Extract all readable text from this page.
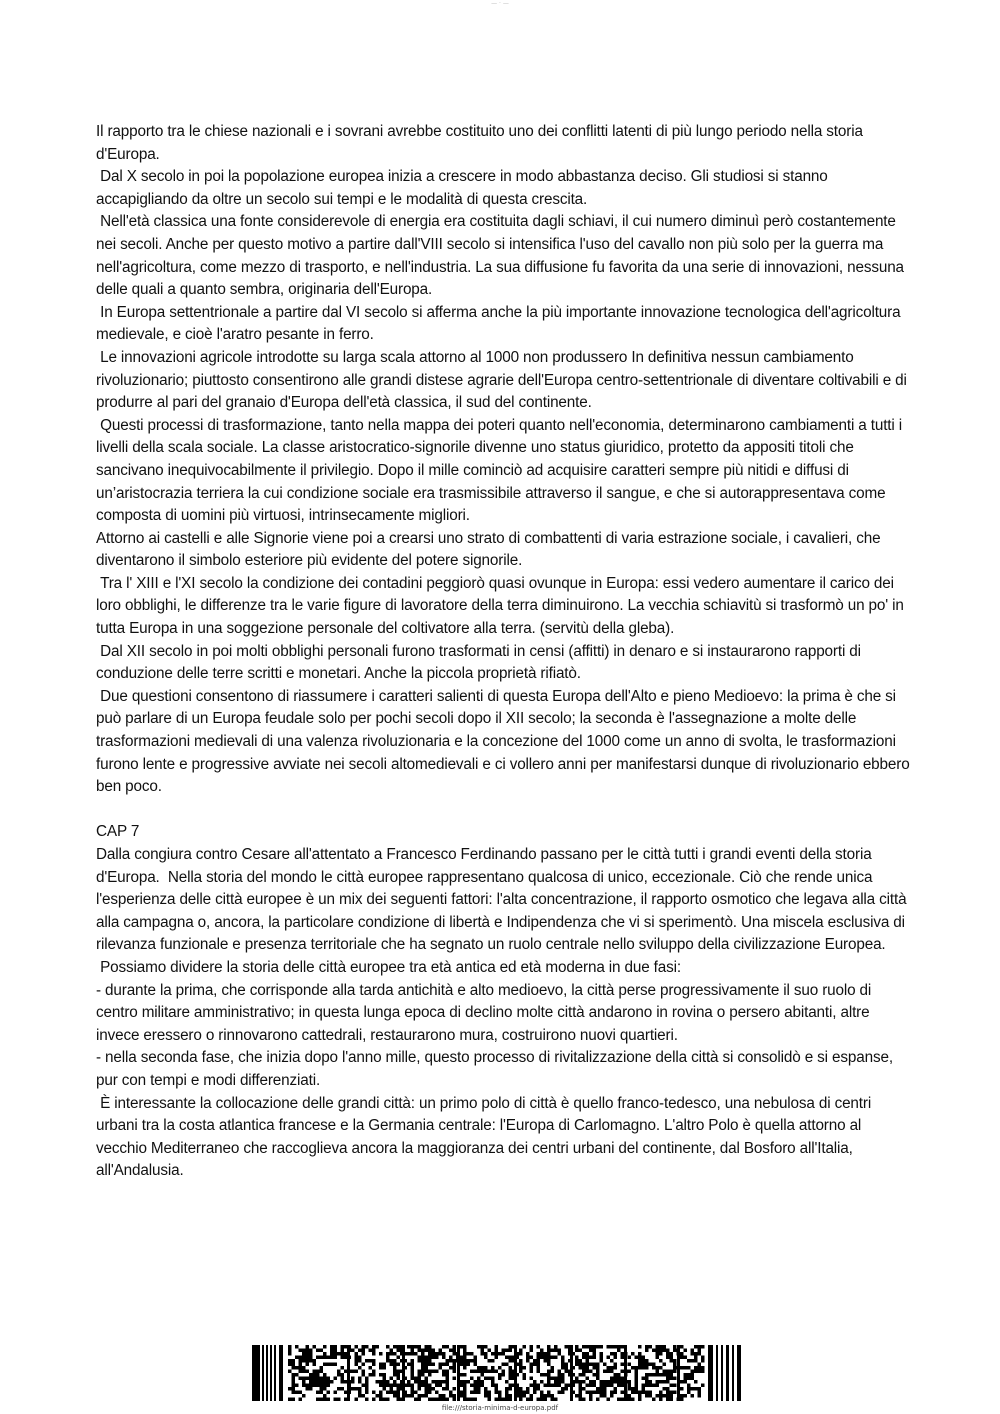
— · —

Il rapporto tra le chiese nazionali e i sovrani avrebbe costituito uno dei conflitti latenti di più lungo periodo nella storia d'Europa.

Dal X secolo in poi la popolazione europea inizia a crescere in modo abbastanza deciso. Gli studiosi si stanno accapigliando da oltre un secolo sui tempi e le modalità di questa crescita.

Nell'età classica una fonte considerevole di energia era costituita dagli schiavi, il cui numero diminuì però costantemente nei secoli. Anche per questo motivo a partire dall'VIII secolo si intensifica l'uso del cavallo non più solo per la guerra ma nell'agricoltura, come mezzo di trasporto, e nell'industria. La sua diffusione fu favorita da una serie di innovazioni, nessuna delle quali a quanto sembra, originaria dell'Europa.

In Europa settentrionale a partire dal VI secolo si afferma anche la più importante innovazione tecnologica dell'agricoltura medievale, e cioè l'aratro pesante in ferro.

Le innovazioni agricole introdotte su larga scala attorno al 1000 non produssero In definitiva nessun cambiamento rivoluzionario; piuttosto consentirono alle grandi distese agrarie dell'Europa centro-settentrionale di diventare coltivabili e di produrre al pari del granaio d'Europa dell'età classica, il sud del continente.

Questi processi di trasformazione, tanto nella mappa dei poteri quanto nell'economia, determinarono cambiamenti a tutti i livelli della scala sociale. La classe aristocratico-signorile divenne uno status giuridico, protetto da appositi titoli che sancivano inequivocabilmente il privilegio. Dopo il mille cominciò ad acquisire caratteri sempre più nitidi e diffusi di un’aristocrazia terriera la cui condizione sociale era trasmissibile attraverso il sangue, e che si autorappresentava come composta di uomini più virtuosi, intrinsecamente migliori.

Attorno ai castelli e alle Signorie viene poi a crearsi uno strato di combattenti di varia estrazione sociale, i cavalieri, che diventarono il simbolo esteriore più evidente del potere signorile.

Tra l' XIII e l'XI secolo la condizione dei contadini peggiorò quasi ovunque in Europa: essi vedero aumentare il carico dei loro obblighi, le differenze tra le varie figure di lavoratore della terra diminuirono. La vecchia schiavitù si trasformò un po' in tutta Europa in una soggezione personale del coltivatore alla terra. (servitù della gleba).

Dal XII secolo in poi molti obblighi personali furono trasformati in censi (affitti) in denaro e si instaurarono rapporti di conduzione delle terre scritti e monetari. Anche la piccola proprietà rifiatò.

Due questioni consentono di riassumere i caratteri salienti di questa Europa dell'Alto e pieno Medioevo: la prima è che si può parlare di un Europa feudale solo per pochi secoli dopo il XII secolo; la seconda è l'assegnazione a molte delle trasformazioni medievali di una valenza rivoluzionaria e la concezione del 1000 come un anno di svolta, le trasformazioni furono lente e progressive avviate nei secoli altomedievali e ci vollero anni per manifestarsi dunque di rivoluzionario ebbero ben poco.

CAP 7

Dalla congiura contro Cesare all'attentato a Francesco Ferdinando passano per le città tutti i grandi eventi della storia d'Europa.  Nella storia del mondo le città europee rappresentano qualcosa di unico, eccezionale. Ciò che rende unica l'esperienza delle città europee è un mix dei seguenti fattori: l'alta concentrazione, il rapporto osmotico che legava alla città alla campagna o, ancora, la particolare condizione di libertà e Indipendenza che vi si sperimentò. Una miscela esclusiva di rilevanza funzionale e presenza territoriale che ha segnato un ruolo centrale nello sviluppo della civilizzazione Europea.

Possiamo dividere la storia delle città europee tra età antica ed età moderna in due fasi:

- durante la prima, che corrisponde alla tarda antichità e alto medioevo, la città perse progressivamente il suo ruolo di centro militare amministrativo; in questa lunga epoca di declino molte città andarono in rovina o persero abitanti, altre invece eressero o rinnovarono cattedrali, restaurarono mura, costruirono nuovi quartieri.

- nella seconda fase, che inizia dopo l'anno mille, questo processo di rivitalizzazione della città si consolidò e si espanse, pur con tempi e modi differenziati.

È interessante la collocazione delle grandi città: un primo polo di città è quello franco-tedesco, una nebulosa di centri urbani tra la costa atlantica francese e la Germania centrale: l'Europa di Carlomagno. L'altro Polo è quella attorno al vecchio Mediterraneo che raccoglieva ancora la maggioranza dei centri urbani del continente, dal Bosforo all'Italia, all'Andalusia.

file:///storia-minima-d-europa.pdf
